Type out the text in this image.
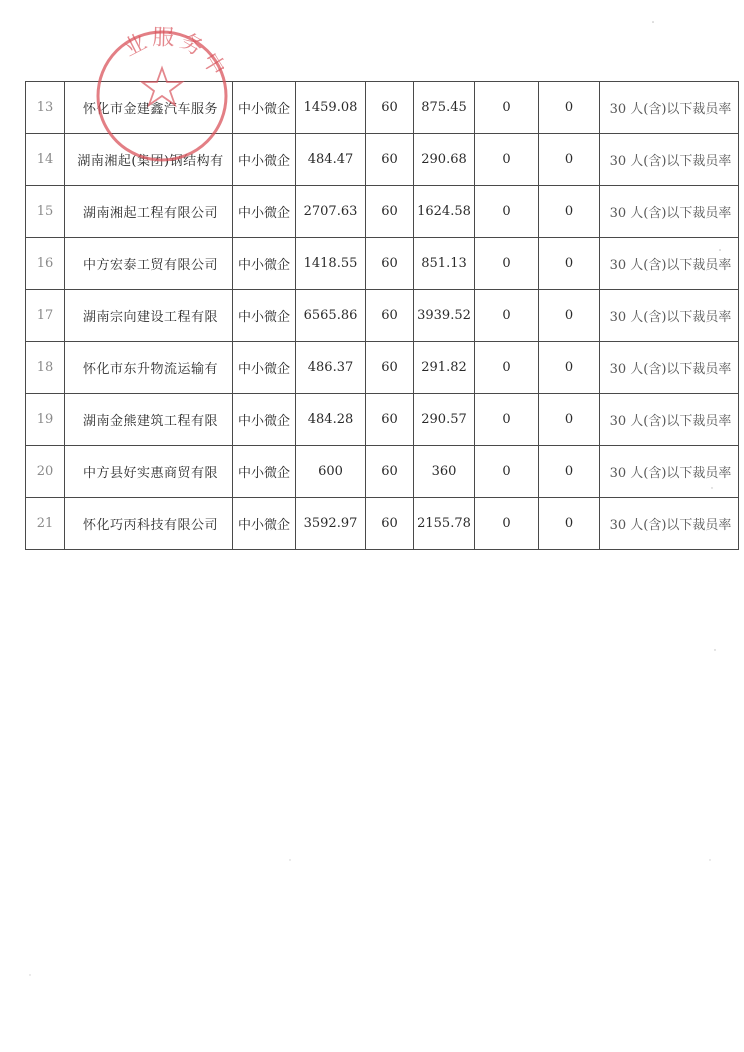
13	怀化市金建鑫汽车服务	中小微企	1459.08	60	875.45	0	0	30 人(含)以下裁员率
14	湖南湘起(集团)钢结构有	中小微企	484.47	60	290.68	0	0	30 人(含)以下裁员率
15	湖南湘起工程有限公司	中小微企	2707.63	60	1624.58	0	0	30 人(含)以下裁员率
16	中方宏泰工贸有限公司	中小微企	1418.55	60	851.13	0	0	30 人(含)以下裁员率
17	湖南宗向建设工程有限	中小微企	6565.86	60	3939.52	0	0	30 人(含)以下裁员率
18	怀化市东升物流运输有	中小微企	486.37	60	291.82	0	0	30 人(含)以下裁员率
19	湖南金熊建筑工程有限	中小微企	484.28	60	290.57	0	0	30 人(含)以下裁员率
20	中方县好实惠商贸有限	中小微企	600	60	360	0	0	30 人(含)以下裁员率
21	怀化巧丙科技有限公司	中小微企	3592.97	60	2155.78	0	0	30 人(含)以下裁员率
业服务中
